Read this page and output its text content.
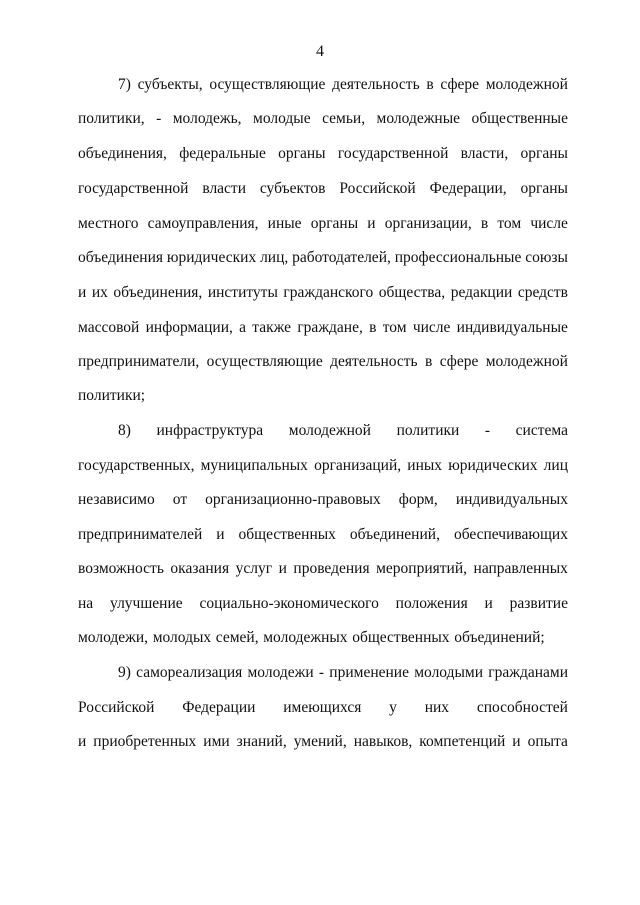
4
7) субъекты, осуществляющие деятельность в сфере молодежной
политики, - молодежь, молодые семьи, молодежные общественные
объединения, федеральные органы государственной власти, органы
государственной власти субъектов Российской Федерации, органы
местного самоуправления, иные органы и организации, в том числе
объединения юридических лиц, работодателей, профессиональные союзы
и их объединения, институты гражданского общества, редакции средств
массовой информации, а также граждане, в том числе индивидуальные
предприниматели, осуществляющие деятельность в сфере молодежной
политики;
8) инфраструктура молодежной политики - система
государственных, муниципальных организаций, иных юридических лиц
независимо от организационно-правовых форм, индивидуальных
предпринимателей и общественных объединений, обеспечивающих
возможность оказания услуг и проведения мероприятий, направленных
на улучшение социально-экономического положения и развитие
молодежи, молодых семей, молодежных общественных объединений;
9) самореализация молодежи - применение молодыми гражданами
Российской Федерации имеющихся у них способностей
и приобретенных ими знаний, умений, навыков, компетенций и опыта
